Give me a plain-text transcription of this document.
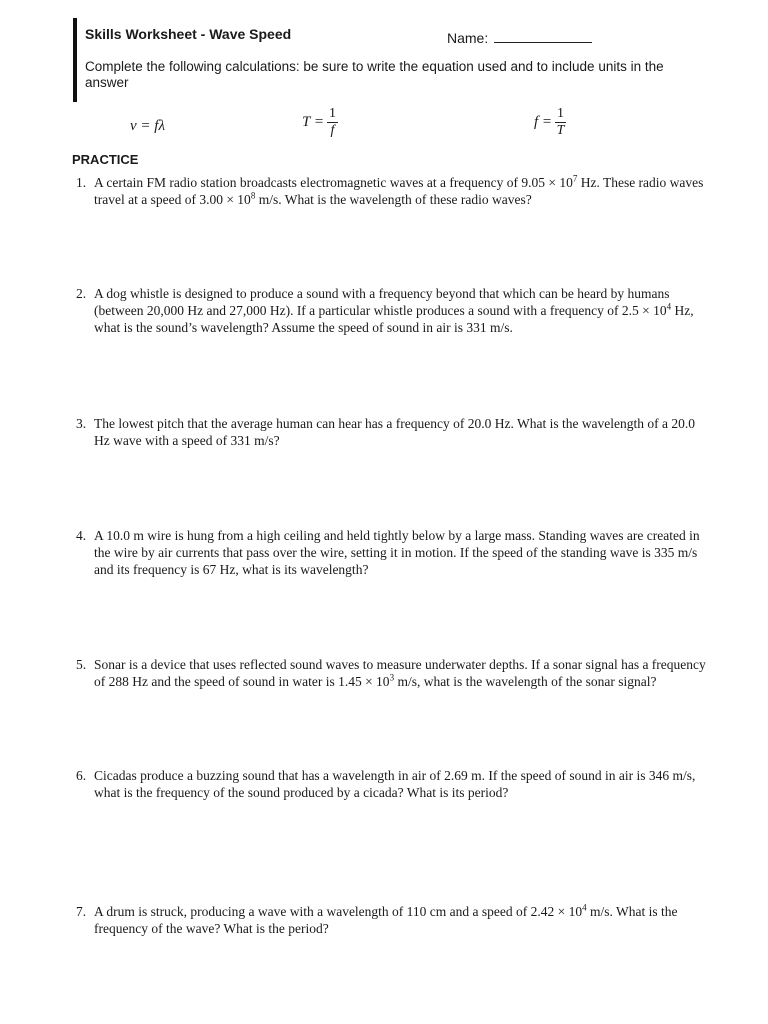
Skills Worksheet - Wave Speed	Name:
Complete the following calculations: be sure to write the equation used and to include units in the answer
v = fλ	$T = \frac{1}{f}$	$f = \frac{1}{T}$
PRACTICE
1. A certain FM radio station broadcasts electromagnetic waves at a frequency of $9.05 \times 10^7$ Hz. These radio waves
travel at a speed of $3.00 \times 10^8$ m/s. What is the wavelength of these radio waves?
2. A dog whistle is designed to produce a sound with a frequency beyond that which can be heard by humans
(between 20,000 Hz and 27,000 Hz). If a particular whistle produces a sound with a frequency of $2.5 \times 10^4$ Hz,
what is the sound’s wavelength? Assume the speed of sound in air is 331 m/s.
3. The lowest pitch that the average human can hear has a frequency of 20.0 Hz. What is the wavelength of a 20.0
Hz wave with a speed of 331 m/s?
4. A 10.0 m wire is hung from a high ceiling and held tightly below by a large mass. Standing waves are created in
the wire by air currents that pass over the wire, setting it in motion. If the speed of the standing wave is 335 m/s
and its frequency is 67 Hz, what is its wavelength?
5. Sonar is a device that uses reflected sound waves to measure underwater depths. If a sonar signal has a frequency
of 288 Hz and the speed of sound in water is $1.45 \times 10^3$ m/s, what is the wavelength of the sonar signal?
6. Cicadas produce a buzzing sound that has a wavelength in air of 2.69 m. If the speed of sound in air is 346 m/s,
what is the frequency of the sound produced by a cicada? What is its period?
7. A drum is struck, producing a wave with a wavelength of 110 cm and a speed of $2.42 \times 10^4$ m/s. What is the
frequency of the wave? What is the period?
